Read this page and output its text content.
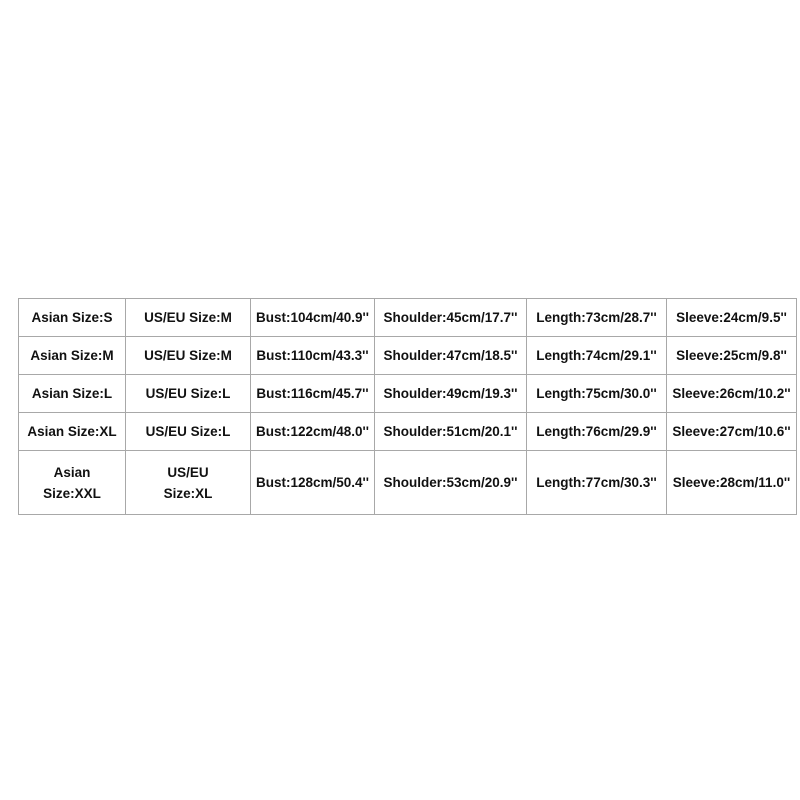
Asian Size:S	US/EU Size:M	Bust:104cm/40.9''	Shoulder:45cm/17.7''	Length:73cm/28.7''	Sleeve:24cm/9.5''
Asian Size:M	US/EU Size:M	Bust:110cm/43.3''	Shoulder:47cm/18.5''	Length:74cm/29.1''	Sleeve:25cm/9.8''
Asian Size:L	US/EU Size:L	Bust:116cm/45.7''	Shoulder:49cm/19.3''	Length:75cm/30.0''	Sleeve:26cm/10.2''
Asian Size:XL	US/EU Size:L	Bust:122cm/48.0''	Shoulder:51cm/20.1''	Length:76cm/29.9''	Sleeve:27cm/10.6''
Asian Size:XXL	US/EU Size:XL	Bust:128cm/50.4''	Shoulder:53cm/20.9''	Length:77cm/30.3''	Sleeve:28cm/11.0''
